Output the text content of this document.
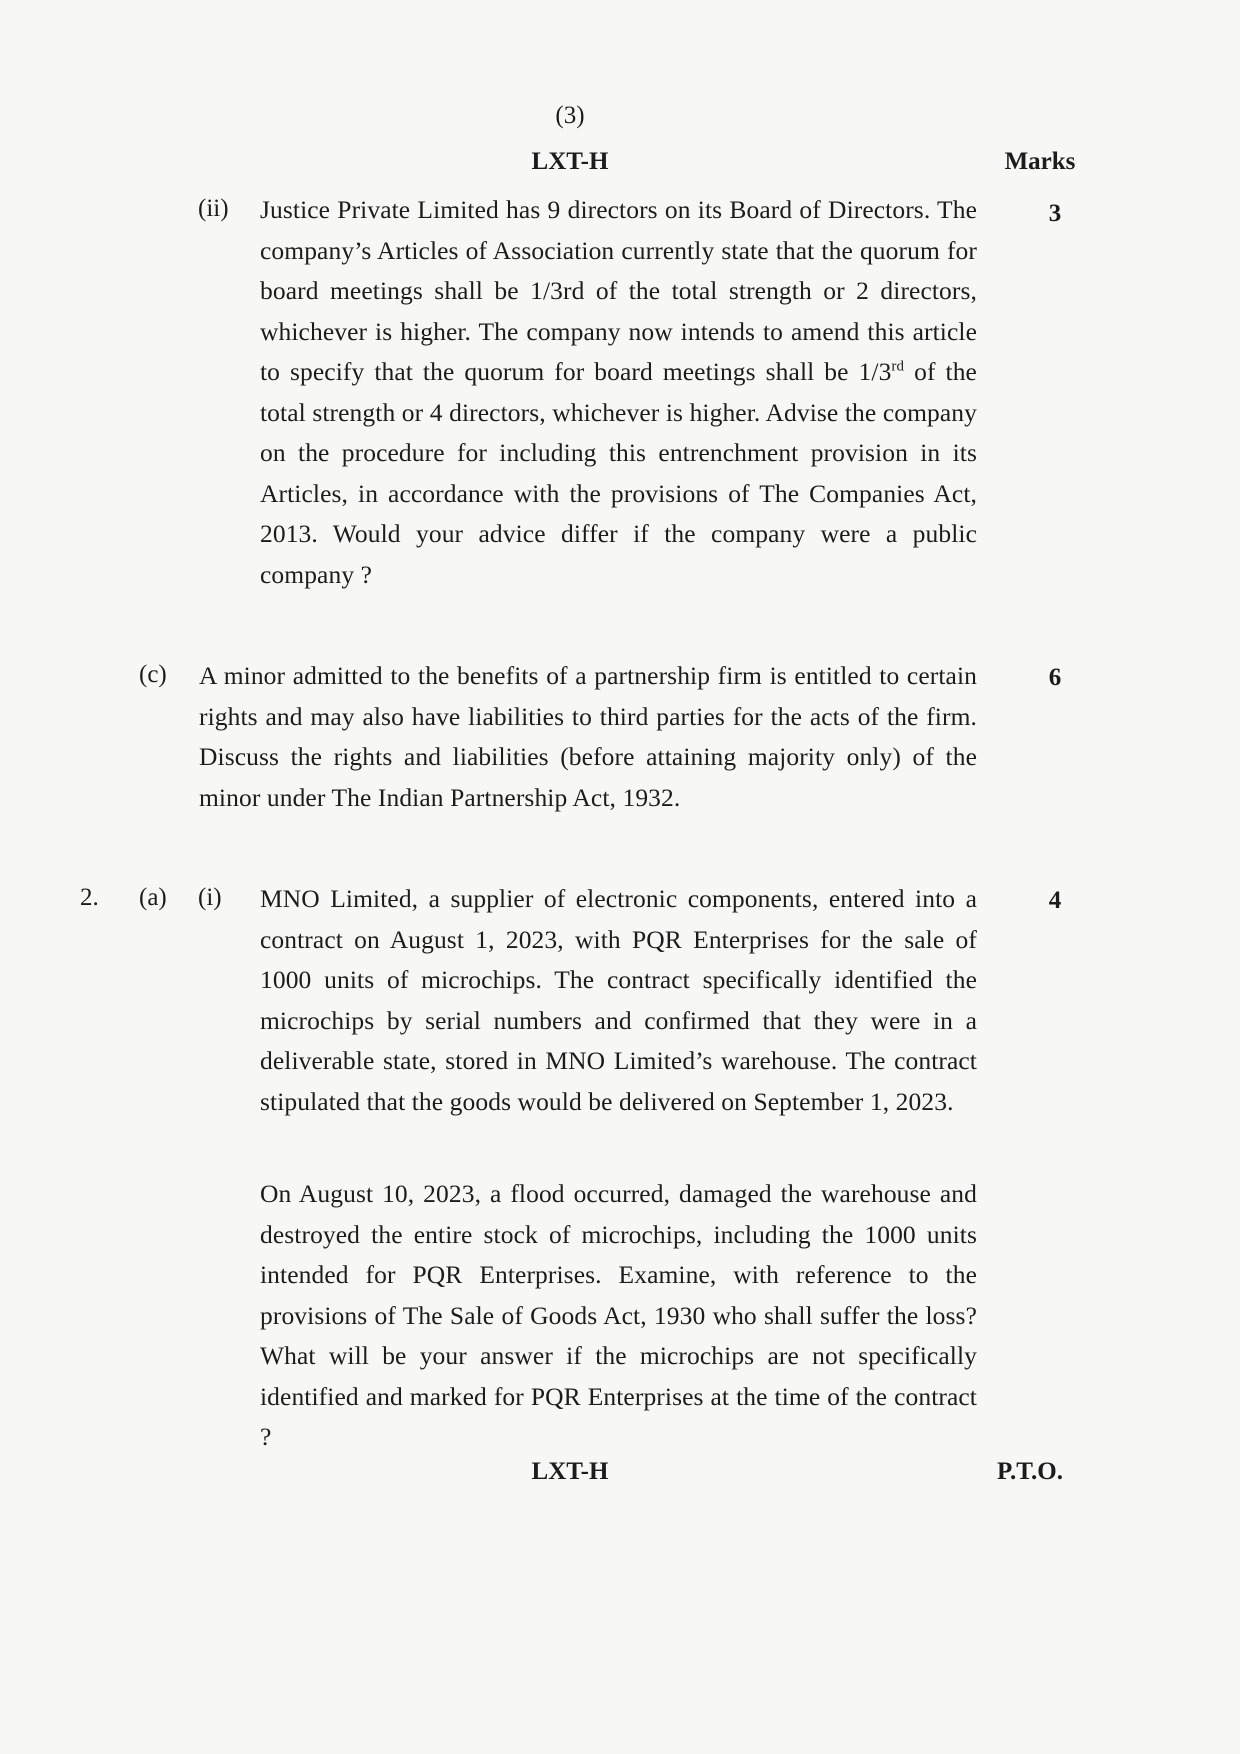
(3)

LXT-H	Marks

(ii) Justice Private Limited has 9 directors on its Board of Directors. The company’s Articles of Association currently state that the quorum for board meetings shall be 1/3rd of the total strength or 2 directors, whichever is higher. The company now intends to amend this article to specify that the quorum for board meetings shall be 1/3rd of the total strength or 4 directors, whichever is higher. Advise the company on the procedure for including this entrenchment provision in its Articles, in accordance with the provisions of The Companies Act, 2013. Would your advice differ if the company were a public company ?

3
(c) A minor admitted to the benefits of a partnership firm is entitled to certain rights and may also have liabilities to third parties for the acts of the firm. Discuss the rights and liabilities (before attaining majority only) of the minor under The Indian Partnership Act, 1932.

6
2. (a) (i) MNO Limited, a supplier of electronic components, entered into a contract on August 1, 2023, with PQR Enterprises for the sale of 1000 units of microchips. The contract specifically identified the microchips by serial numbers and confirmed that they were in a deliverable state, stored in MNO Limited’s warehouse. The contract stipulated that the goods would be delivered on September 1, 2023.

On August 10, 2023, a flood occurred, damaged the warehouse and destroyed the entire stock of microchips, including the 1000 units intended for PQR Enterprises. Examine, with reference to the provisions of The Sale of Goods Act, 1930 who shall suffer the loss? What will be your answer if the microchips are not specifically identified and marked for PQR Enterprises at the time of the contract ?

4

LXT-H	P.T.O.
